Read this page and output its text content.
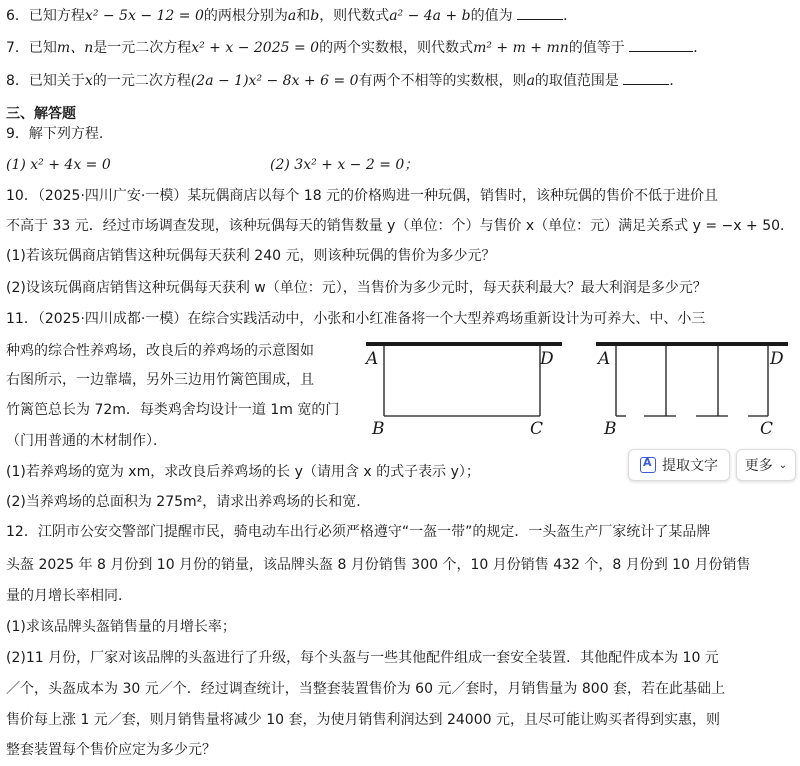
6．已知方程x² − 5x − 12 = 0的两根分别为a和b，则代数式a² − 4a + b的值为	．
7．已知m、n是一元二次方程x² + x − 2025 = 0的两个实数根，则代数式m² + m + mn的值等于	．
8．已知关于x的一元二次方程(2a − 1)x² − 8x + 6 = 0有两个不相等的实数根，则a的取值范围是	．
三、解答题
9．解下列方程.
(1) x² + 4x = 0	(2) 3x² + x − 2 = 0；
10．（2025·四川广安·一模）某玩偶商店以每个 18 元的价格购进一种玩偶，销售时，该种玩偶的售价不低于进价且
不高于 33 元．经过市场调查发现，该种玩偶每天的销售数量 y（单位：个）与售价 x（单位：元）满足关系式 y = −x + 50．
(1)若该玩偶商店销售这种玩偶每天获利 240 元，则该种玩偶的售价为多少元？
(2)设该玩偶商店销售这种玩偶每天获利 w（单位：元），当售价为多少元时，每天获利最大？最大利润是多少元？
11．（2025·四川成都·一模）在综合实践活动中，小张和小红准备将一个大型养鸡场重新设计为可养大、中、小三
种鸡的综合性养鸡场，改良后的养鸡场的示意图如
右图所示，一边靠墙，另外三边用竹篱笆围成，且
竹篱笆总长为 72m．每类鸡舍均设计一道 1m 宽的门
（门用普通的木材制作）．
(1)若养鸡场的宽为 xm，求改良后养鸡场的长 y（请用含 x 的式子表示 y）；
(2)当养鸡场的总面积为 275m²，请求出养鸡场的长和宽．
A	D
B	C
A	D
B	C
A
提取文字 更多 ⌄
12．江阴市公安交警部门提醒市民，骑电动车出行必须严格遵守“一盔一带”的规定．一头盔生产厂家统计了某品牌
头盔 2025 年 8 月份到 10 月份的销量，该品牌头盔 8 月份销售 300 个，10 月份销售 432 个，8 月份到 10 月份销售
量的月增长率相同.
(1)求该品牌头盔销售量的月增长率；
(2)11 月份，厂家对该品牌的头盔进行了升级，每个头盔与一些其他配件组成一套安全装置．其他配件成本为 10 元
／个，头盔成本为 30 元／个．经过调查统计，当整套装置售价为 60 元／套时，月销售量为 800 套，若在此基础上
售价每上涨 1 元／套，则月销售量将减少 10 套，为使月销售利润达到 24000 元，且尽可能让购买者得到实惠，则
整套装置每个售价应定为多少元？
